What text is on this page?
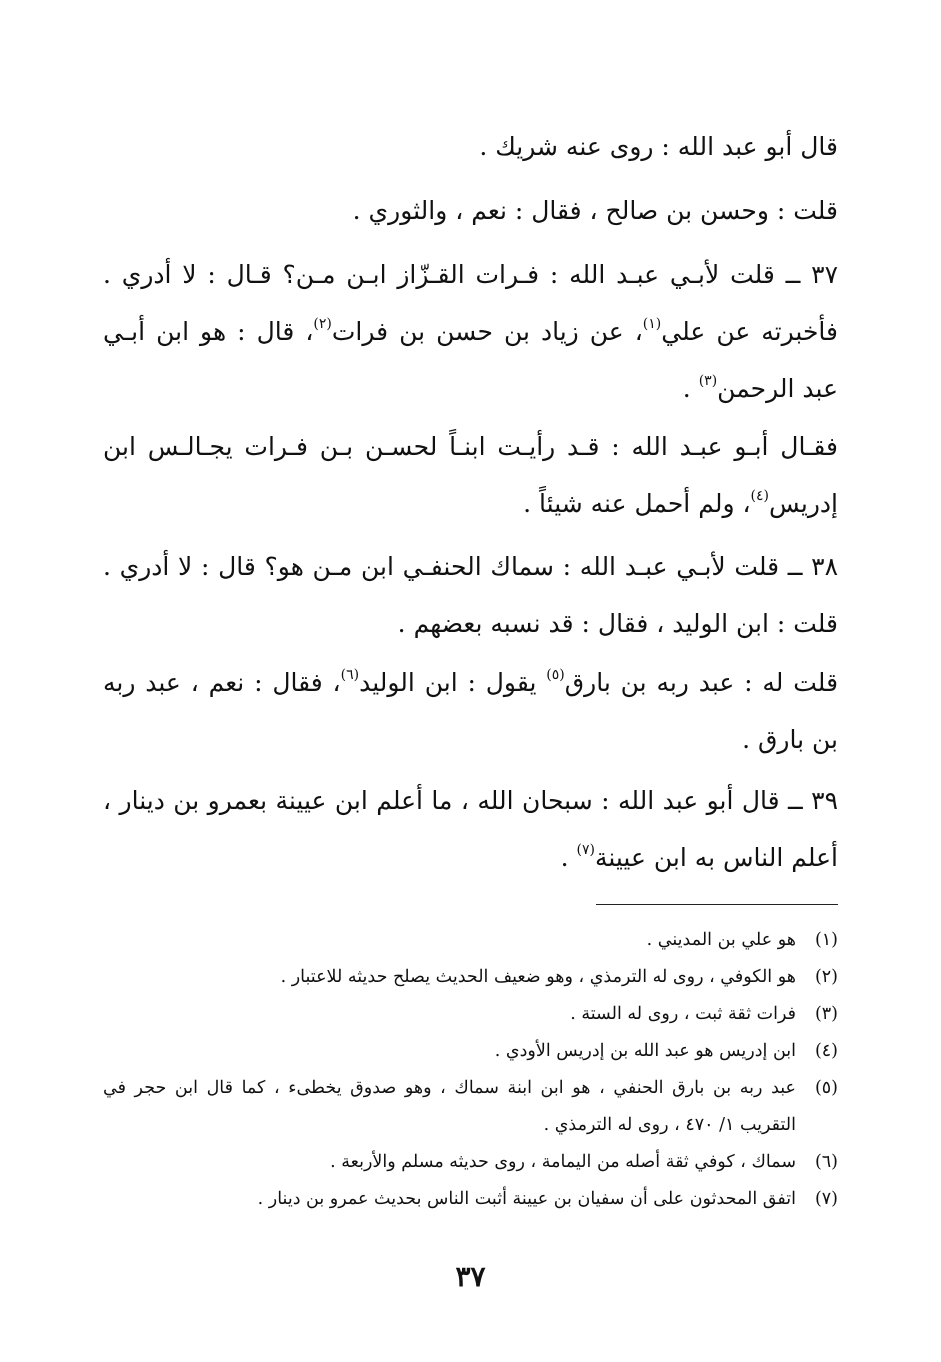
قال أبو عبد الله : روى عنه شريك .

قلت : وحسن بن صالح ، فقال : نعم ، والثوري .

٣٧ ــ قلت لأبـي عبـد الله : فـرات القـزّاز ابـن مـن؟ قـال : لا أدري . فأخبرته عن علي$^{(١)}$، عن زياد بن حسن بن فرات$^{(٢)}$، قال : هو ابن أبـي عبد الرحمن$^{(٣)}$ .

فقـال أبـو عبـد الله : قـد رأيـت ابنـاً لحسـن بـن فـرات يجـالـس ابن إدريس$^{(٤)}$، ولم أحمل عنه شيئاً .

٣٨ ــ قلت لأبـي عبـد الله : سماك الحنفـي ابن مـن هو؟ قال : لا أدري . قلت : ابن الوليد ، فقال : قد نسبه بعضهم .

قلت له : عبد ربه بن بارق$^{(٥)}$ يقول : ابن الوليد$^{(٦)}$، فقال : نعم ، عبد ربه بن بارق .

٣٩ ــ قال أبو عبد الله : سبحان الله ، ما أعلم ابن عيينة بعمرو بن دينار ، أعلم الناس به ابن عيينة$^{(٧)}$ .

(١)
هو علي بن المديني .
(٢)
هو الكوفي ، روى له الترمذي ، وهو ضعيف الحديث يصلح حديثه للاعتبار .
(٣)
فرات ثقة ثبت ، روى له الستة .
(٤)
ابن إدريس هو عبد الله بن إدريس الأودي .
(٥)
عبد ربه بن بارق الحنفي ، هو ابن ابنة سماك ، وهو صدوق يخطىء ، كما قال ابن حجر في التقريب ١/ ٤٧٠ ، روى له الترمذي .
(٦)
سماك ، كوفي ثقة أصله من اليمامة ، روى حديثه مسلم والأربعة .
(٧)
اتفق المحدثون على أن سفيان بن عيينة أثبت الناس بحديث عمرو بن دينار .
٣٧
